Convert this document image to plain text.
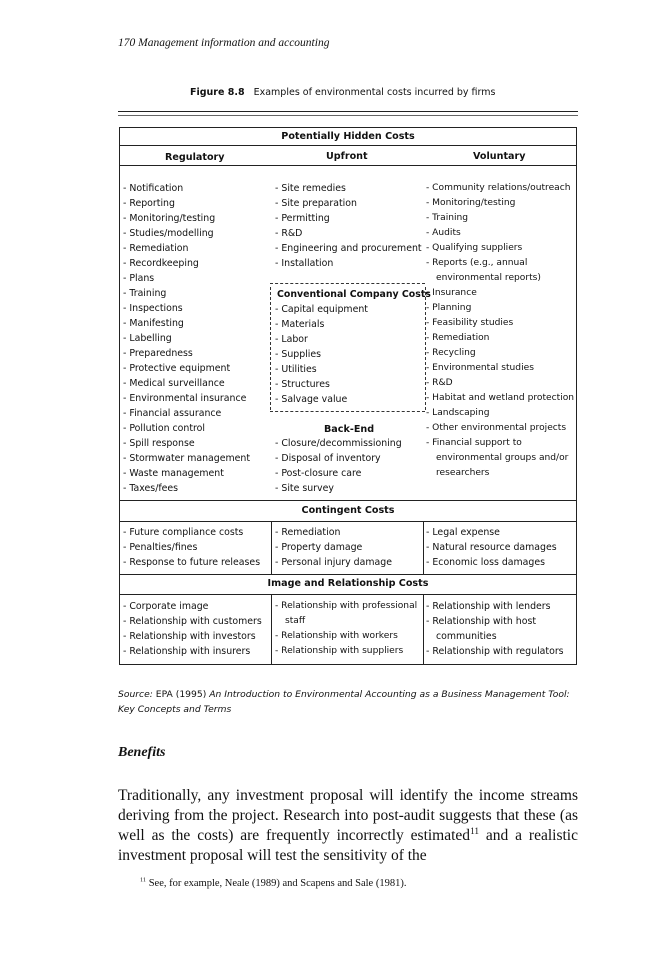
170 Management information and accounting
Figure 8.8 Examples of environmental costs incurred by firms
Potentially Hidden Costs
Regulatory	Upfront	Voluntary
- Notification
- Reporting
- Monitoring/testing
- Studies/modelling
- Remediation
- Recordkeeping
- Plans
- Training
- Inspections
- Manifesting
- Labelling
- Preparedness
- Protective equipment
- Medical surveillance
- Environmental insurance
- Financial assurance
- Pollution control
- Spill response
- Stormwater management
- Waste management
- Taxes/fees
- Site remedies
- Site preparation
- Permitting
- R&D
- Engineering and procurement
- Installation
Conventional Company Costs
- Capital equipment
- Materials
- Labor
- Supplies
- Utilities
- Structures
- Salvage value
Back-End
- Closure/decommissioning
- Disposal of inventory
- Post-closure care
- Site survey
- Community relations/outreach
- Monitoring/testing
- Training
- Audits
- Qualifying suppliers
- Reports (e.g., annual
environmental reports)
- Insurance
- Planning
- Feasibility studies
- Remediation
- Recycling
- Environmental studies
- R&D
- Habitat and wetland protection
- Landscaping
- Other environmental projects
- Financial support to
environmental groups and/or
researchers
Contingent Costs
- Future compliance costs
- Penalties/fines
- Response to future releases
- Remediation
- Property damage
- Personal injury damage
- Legal expense
- Natural resource damages
- Economic loss damages
Image and Relationship Costs
- Corporate image
- Relationship with customers
- Relationship with investors
- Relationship with insurers
- Relationship with professional
staff
- Relationship with workers
- Relationship with suppliers
- Relationship with lenders
- Relationship with host
communities
- Relationship with regulators
Source: EPA (1995) An Introduction to Environmental Accounting as a Business Management Tool:
Key Concepts and Terms
Benefits
Traditionally, any investment proposal will identify the income streams deriving from the project. Research into post-audit suggests that these (as well as the costs) are frequently incorrectly estimated$^{11}$ and a realistic investment proposal will test the sensitivity of the
$^{11}$ See, for example, Neale (1989) and Scapens and Sale (1981).
